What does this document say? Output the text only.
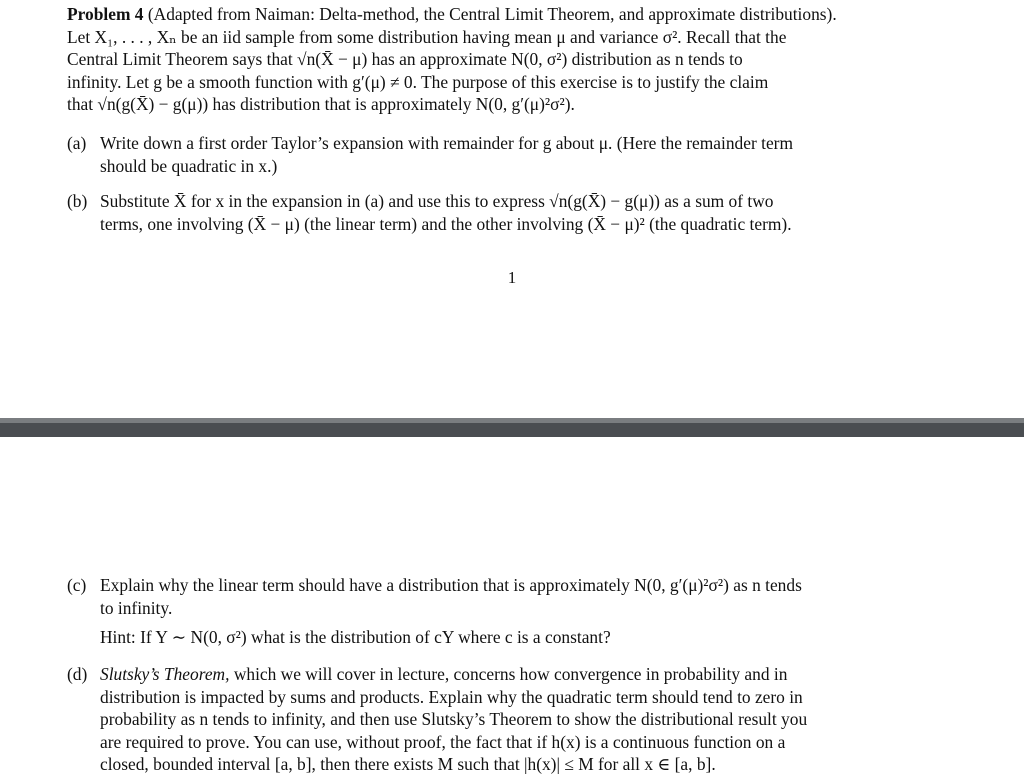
Problem 4 (Adapted from Naiman: Delta-method, the Central Limit Theorem, and approximate distributions).
Let X₁, . . . , Xₙ be an iid sample from some distribution having mean μ and variance σ². Recall that the
Central Limit Theorem says that √n(X̄ − μ) has an approximate N(0, σ²) distribution as n tends to
infinity. Let g be a smooth function with g′(μ) ≠ 0. The purpose of this exercise is to justify the claim
that √n(g(X̄) − g(μ)) has distribution that is approximately N(0, g′(μ)²σ²).
(a) Write down a first order Taylor’s expansion with remainder for g about μ. (Here the remainder term
should be quadratic in x.)
(b) Substitute X̄ for x in the expansion in (a) and use this to express √n(g(X̄) − g(μ)) as a sum of two
terms, one involving (X̄ − μ) (the linear term) and the other involving (X̄ − μ)² (the quadratic term).
1
(c) Explain why the linear term should have a distribution that is approximately N(0, g′(μ)²σ²) as n tends
to infinity.
Hint: If Y ∼ N(0, σ²) what is the distribution of cY where c is a constant?
(d) Slutsky’s Theorem, which we will cover in lecture, concerns how convergence in probability and in
distribution is impacted by sums and products. Explain why the quadratic term should tend to zero in
probability as n tends to infinity, and then use Slutsky’s Theorem to show the distributional result you
are required to prove. You can use, without proof, the fact that if h(x) is a continuous function on a
closed, bounded interval [a, b], then there exists M such that |h(x)| ≤ M for all x ∈ [a, b].
